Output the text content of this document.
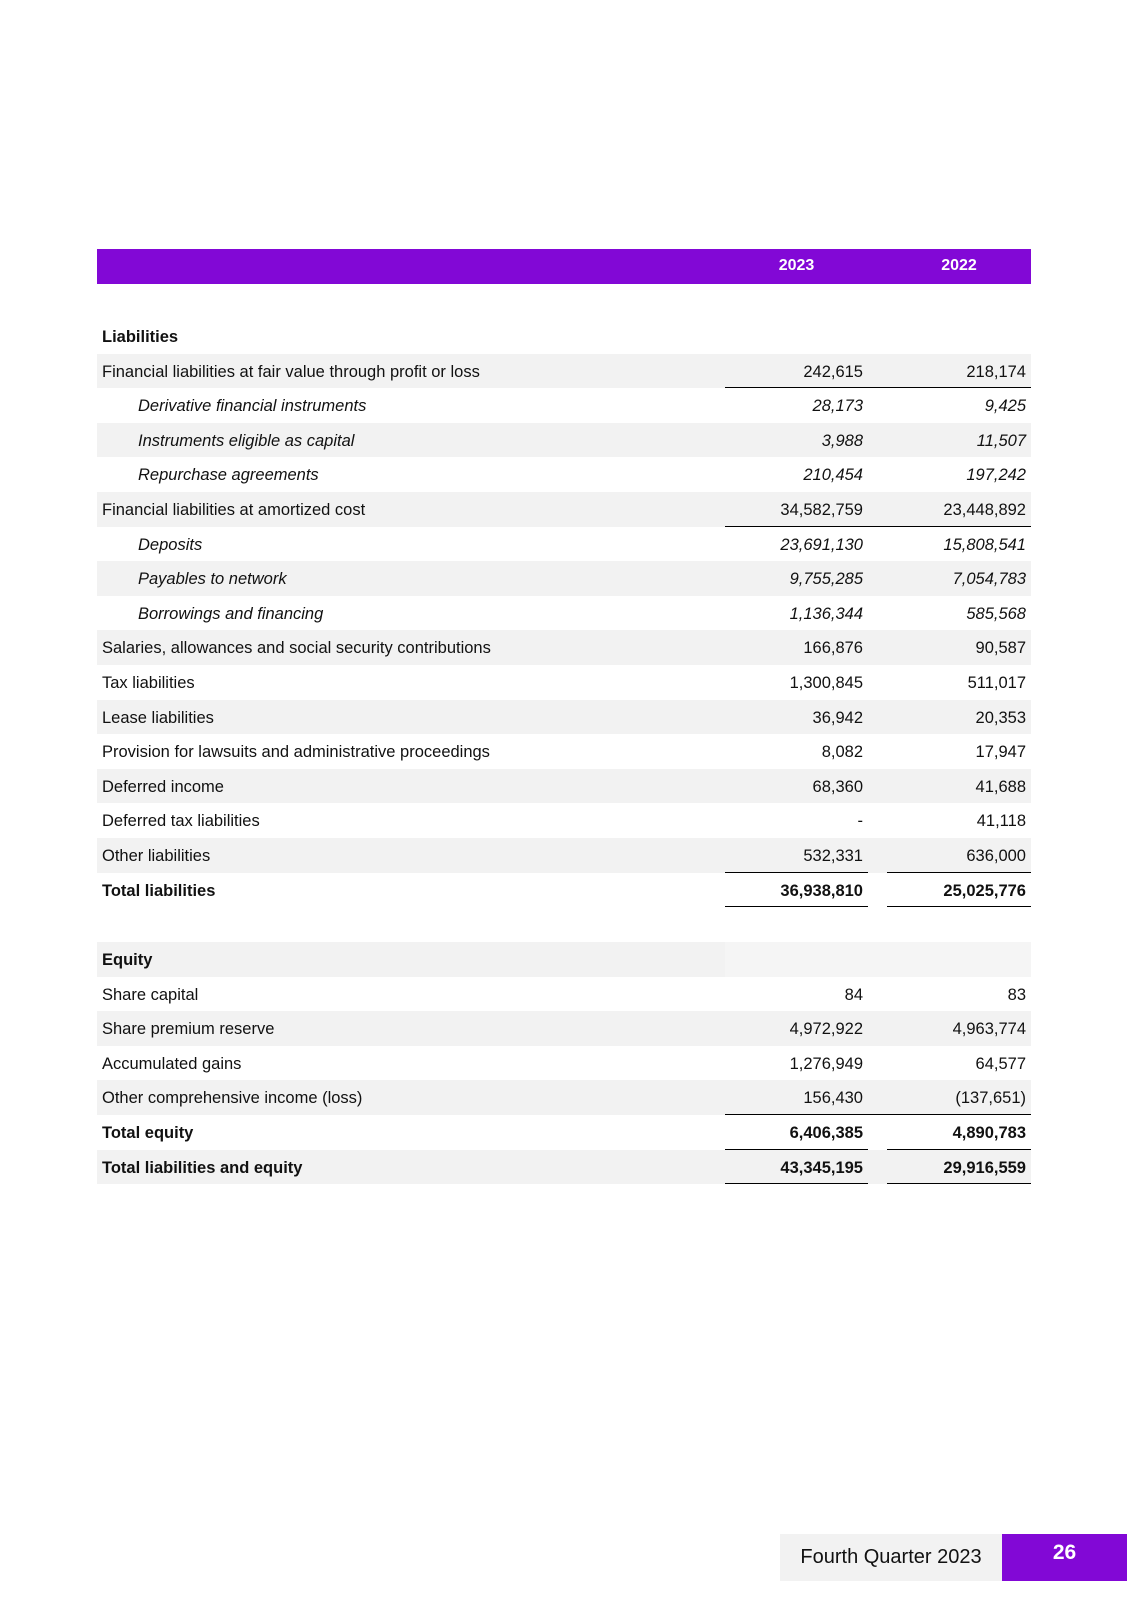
2023	2022
Liabilities
Financial liabilities at fair value through profit or loss	242,615	218,174
Derivative financial instruments	28,173	9,425
Instruments eligible as capital	3,988	11,507
Repurchase agreements	210,454	197,242
Financial liabilities at amortized cost	34,582,759	23,448,892
Deposits	23,691,130	15,808,541
Payables to network	9,755,285	7,054,783
Borrowings and financing	1,136,344	585,568
Salaries, allowances and social security contributions	166,876	90,587
Tax liabilities	1,300,845	511,017
Lease liabilities	36,942	20,353
Provision for lawsuits and administrative proceedings	8,082	17,947
Deferred income	68,360	41,688
Deferred tax liabilities	-	41,118
Other liabilities	532,331	636,000
Total liabilities	36,938,810	25,025,776
Equity
Share capital	84	83
Share premium reserve	4,972,922	4,963,774
Accumulated gains	1,276,949	64,577
Other comprehensive income (loss)	156,430	(137,651)
Total equity	6,406,385	4,890,783
Total liabilities and equity	43,345,195	29,916,559
Fourth Quarter 2023	26
